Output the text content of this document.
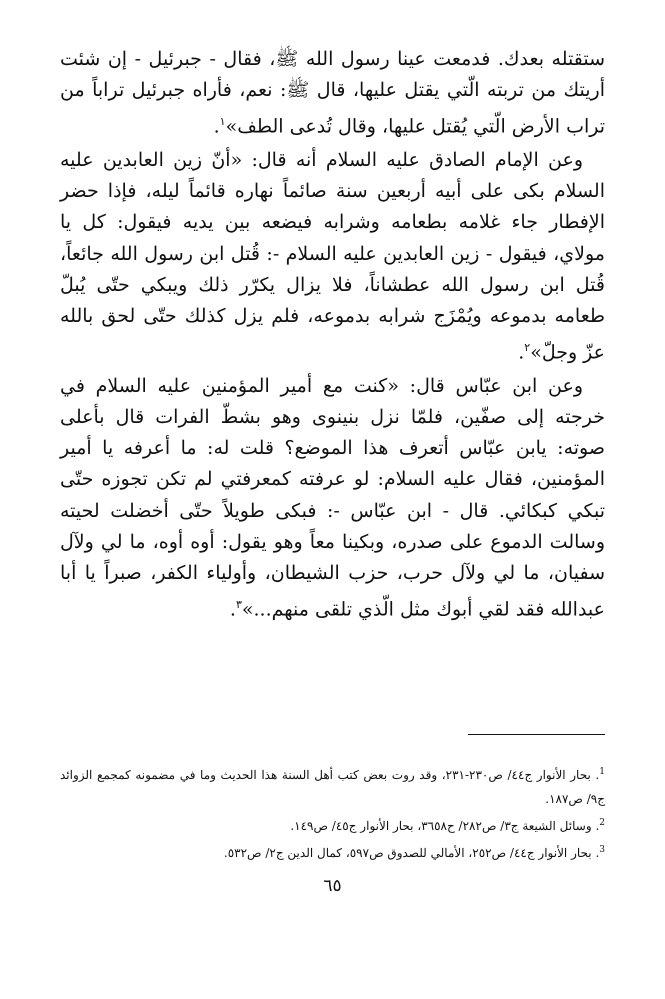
ستقتله بعدك. فدمعت عينا رسول الله ﷺ، فقال - جبرئيل - إن شئت أريتك من تربته الّتي يقتل عليها، قال ﷺ: نعم، فأراه جبرئيل تراباً من تراب الأرض الّتي يُقتل عليها، وقال تُدعى الطف»$^١$.

وعن الإمام الصادق عليه السلام أنه قال: «أنّ زين العابدين عليه السلام بكى على أبيه أربعين سنة صائماً نهاره قائماً ليله، فإذا حضر الإفطار جاء غلامه بطعامه وشرابه فيضعه بين يديه فيقول: كل يا مولاي، فيقول - زين العابدين عليه السلام -: قُتل ابن رسول الله جائعاً، قُتل ابن رسول الله عطشاناً، فلا يزال يكرّر ذلك ويبكي حتّى يُبلّ طعامه بدموعه ويُمْزَج شرابه بدموعه، فلم يزل كذلك حتّى لحق بالله عزّ وجلّ»$^٢$.

وعن ابن عبّاس قال: «كنت مع أمير المؤمنين عليه السلام في خرجته إلى صفّين، فلمّا نزل بنينوى وهو بشطّ الفرات قال بأعلى صوته: يابن عبّاس أتعرف هذا الموضع؟ قلت له: ما أعرفه يا أمير المؤمنين، فقال عليه السلام: لو عرفته كمعرفتي لم تكن تجوزه حتّى تبكي كبكائي. قال - ابن عبّاس -: فبكى طويلاً حتّى أخضلت لحيته وسالت الدموع على صدره، وبكينا معاً وهو يقول: أوه أوه، ما لي ولآل سفيان، ما لي ولآل حرب، حزب الشيطان، وأولياء الكفر، صبراً يا أبا عبدالله فقد لقي أبوك مثل الّذي تلقى منهم...»$^٣$.

$^1$. بحار الأنوار ج٤٤/ ص٢٣٠-٢٣١، وقد روت بعض كتب أهل السنة هذا الحديث وما في مضمونه كمجمع الزوائد ج٩/ ص١٨٧.

$^2$. وسائل الشيعة ج٣/ ص٢٨٢/ ح٣٦٥٨، بحار الأنوار ج٤٥/ ص١٤٩.

$^3$. بحار الأنوار ج٤٤/ ص٢٥٢، الأمالي للصدوق ص٥٩٧، كمال الدين ج٢/ ص٥٣٢.

٦٥
